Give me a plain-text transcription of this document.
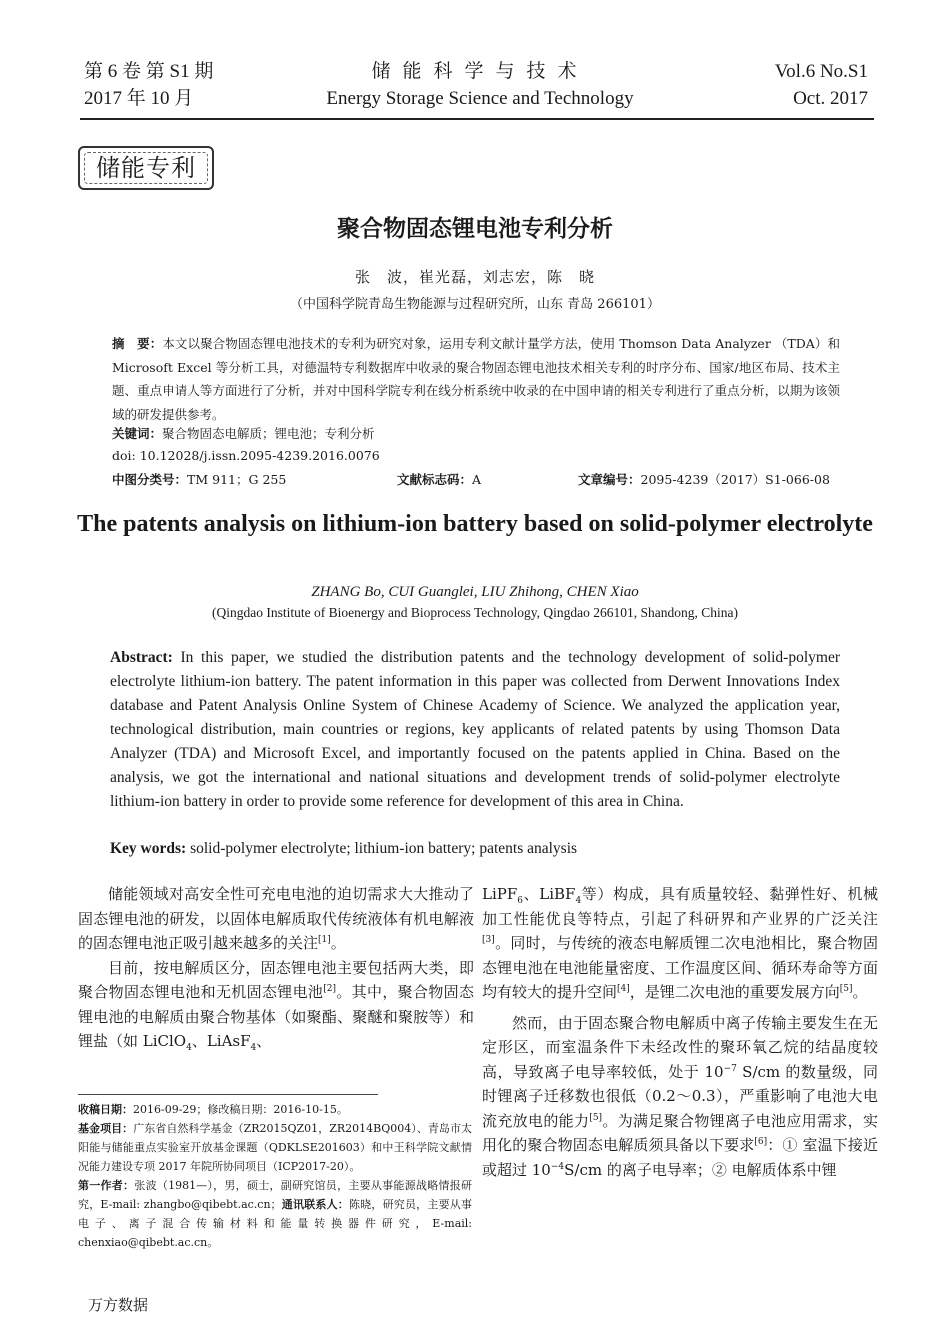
第 6 卷 第 S1 期
2017 年 10 月
储能科学与技术
Energy Storage Science and Technology
Vol.6 No.S1
Oct. 2017
储能专利
聚合物固态锂电池专利分析
张　波，崔光磊，刘志宏，陈　晓
（中国科学院青岛生物能源与过程研究所，山东 青岛 266101）
摘　要：本文以聚合物固态锂电池技术的专利为研究对象，运用专利文献计量学方法，使用 Thomson Data Analyzer （TDA）和 Microsoft Excel 等分析工具，对德温特专利数据库中收录的聚合物固态锂电池技术相关专利的时序分布、国家/地区布局、技术主题、重点申请人等方面进行了分析，并对中国科学院专利在线分析系统中收录的在中国申请的相关专利进行了重点分析，以期为该领域的研发提供参考。
关键词：聚合物固态电解质；锂电池；专利分析
doi: 10.12028/j.issn.2095-4239.2016.0076
中图分类号：TM 911；G 255	文献标志码：A	文章编号：2095-4239（2017）S1-066-08
The patents analysis on lithium-ion battery based on solid-polymer electrolyte
ZHANG Bo, CUI Guanglei, LIU Zhihong, CHEN Xiao
(Qingdao Institute of Bioenergy and Bioprocess Technology, Qingdao 266101, Shandong, China)
Abstract: In this paper, we studied the distribution patents and the technology development of solid-polymer electrolyte lithium-ion battery. The patent information in this paper was collected from Derwent Innovations Index database and Patent Analysis Online System of Chinese Academy of Science. We analyzed the application year, technological distribution, main countries or regions, key applicants of related patents by using Thomson Data Analyzer (TDA) and Microsoft Excel, and importantly focused on the patents applied in China. Based on the analysis, we got the international and national situations and development trends of solid-polymer electrolyte lithium-ion battery in order to provide some reference for development of this area in China.
Key words: solid-polymer electrolyte; lithium-ion battery; patents analysis

储能领域对高安全性可充电电池的迫切需求大大推动了固态锂电池的研发，以固体电解质取代传统液体有机电解液的固态锂电池正吸引越来越多的关注[1]。

目前，按电解质区分，固态锂电池主要包括两大类，即聚合物固态锂电池和无机固态锂电池[2]。其中，聚合物固态锂电池的电解质由聚合物基体（如聚酯、聚醚和聚胺等）和锂盐（如 LiClO$_4$、LiAsF$_4$、

LiPF$_6$、LiBF$_4$等）构成，具有质量较轻、黏弹性好、机械加工性能优良等特点，引起了科研界和产业界的广泛关注[3]。同时，与传统的液态电解质锂二次电池相比，聚合物固态锂电池在电池能量密度、工作温度区间、循环寿命等方面均有较大的提升空间[4]，是锂二次电池的重要发展方向[5]。

然而，由于固态聚合物电解质中离子传输主要发生在无定形区，而室温条件下未经改性的聚环氧乙烷的结晶度较高，导致离子电导率较低，处于 $10^{-7}$ S/cm 的数量级，同时锂离子迁移数也很低（0.2～0.3），严重影响了电池大电流充放电的能力[5]。为满足聚合物锂离子电池应用需求，实用化的聚合物固态电解质须具备以下要求[6]：① 室温下接近或超过 $10^{-4}S/cm$ 的离子电导率；② 电解质体系中锂

收稿日期：2016-09-29；修改稿日期：2016-10-15。
基金项目：广东省自然科学基金（ZR2015QZ01，ZR2014BQ004）、青岛市太阳能与储能重点实验室开放基金课题（QDKLSE201603）和中王科学院文献情况能力建设专项 2017 年院所协同项目（ICP2017-20）。
第一作者：张波（1981—），男，硕士，副研究馆员，主要从事能源战略情报研究，E-mail: zhangbo@qibebt.ac.cn；通讯联系人：陈晓，研究员，主要从事电子、离子混合传输材料和能量转换器件研究，E-mail: chenxiao@qibebt.ac.cn。
万方数据
